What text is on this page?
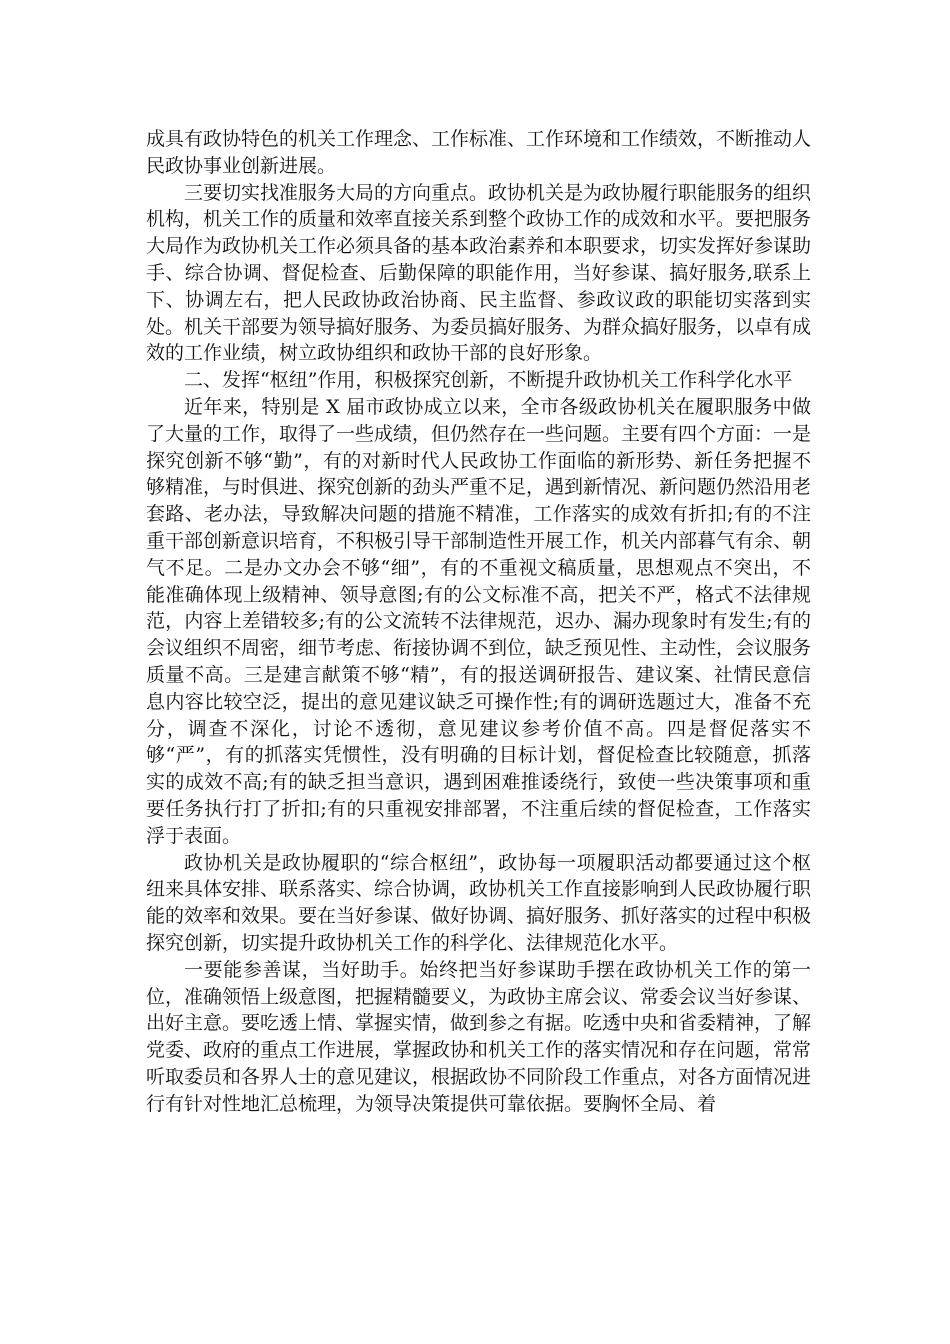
成具有政协特色的机关工作理念、工作标准、工作环境和工作绩效，不断推动人民政协事业创新进展。

三要切实找准服务大局的方向重点。政协机关是为政协履行职能服务的组织机构，机关工作的质量和效率直接关系到整个政协工作的成效和水平。要把服务大局作为政协机关工作必须具备的基本政治素养和本职要求，切实发挥好参谋助手、综合协调、督促检查、后勤保障的职能作用，当好参谋、搞好服务,联系上下、协调左右，把人民政协政治协商、民主监督、参政议政的职能切实落到实处。机关干部要为领导搞好服务、为委员搞好服务、为群众搞好服务，以卓有成效的工作业绩，树立政协组织和政协干部的良好形象。

二、发挥“枢纽”作用，积极探究创新，不断提升政协机关工作科学化水平

近年来，特别是 X 届市政协成立以来，全市各级政协机关在履职服务中做了大量的工作，取得了一些成绩，但仍然存在一些问题。主要有四个方面：一是探究创新不够“勤”，有的对新时代人民政协工作面临的新形势、新任务把握不够精准，与时俱进、探究创新的劲头严重不足，遇到新情况、新问题仍然沿用老套路、老办法，导致解决问题的措施不精准，工作落实的成效有折扣;有的不注重干部创新意识培育，不积极引导干部制造性开展工作，机关内部暮气有余、朝气不足。二是办文办会不够“细”，有的不重视文稿质量，思想观点不突出，不能准确体现上级精神、领导意图;有的公文标准不高，把关不严，格式不法律规范，内容上差错较多;有的公文流转不法律规范，迟办、漏办现象时有发生;有的会议组织不周密，细节考虑、衔接协调不到位，缺乏预见性、主动性，会议服务质量不高。三是建言献策不够“精”，有的报送调研报告、建议案、社情民意信息内容比较空泛，提出的意见建议缺乏可操作性;有的调研选题过大，准备不充分，调查不深化，讨论不透彻，意见建议参考价值不高。四是督促落实不够“严”，有的抓落实凭惯性，没有明确的目标计划，督促检查比较随意，抓落实的成效不高;有的缺乏担当意识，遇到困难推诿绕行，致使一些决策事项和重要任务执行打了折扣;有的只重视安排部署，不注重后续的督促检查，工作落实浮于表面。

政协机关是政协履职的“综合枢纽”，政协每一项履职活动都要通过这个枢纽来具体安排、联系落实、综合协调，政协机关工作直接影响到人民政协履行职能的效率和效果。要在当好参谋、做好协调、搞好服务、抓好落实的过程中积极探究创新，切实提升政协机关工作的科学化、法律规范化水平。

一要能参善谋，当好助手。始终把当好参谋助手摆在政协机关工作的第一位，准确领悟上级意图，把握精髓要义，为政协主席会议、常委会议当好参谋、出好主意。要吃透上情、掌握实情，做到参之有据。吃透中央和省委精神，了解党委、政府的重点工作进展，掌握政协和机关工作的落实情况和存在问题，常常听取委员和各界人士的意见建议，根据政协不同阶段工作重点，对各方面情况进行有针对性地汇总梳理，为领导决策提供可靠依据。要胸怀全局、着
